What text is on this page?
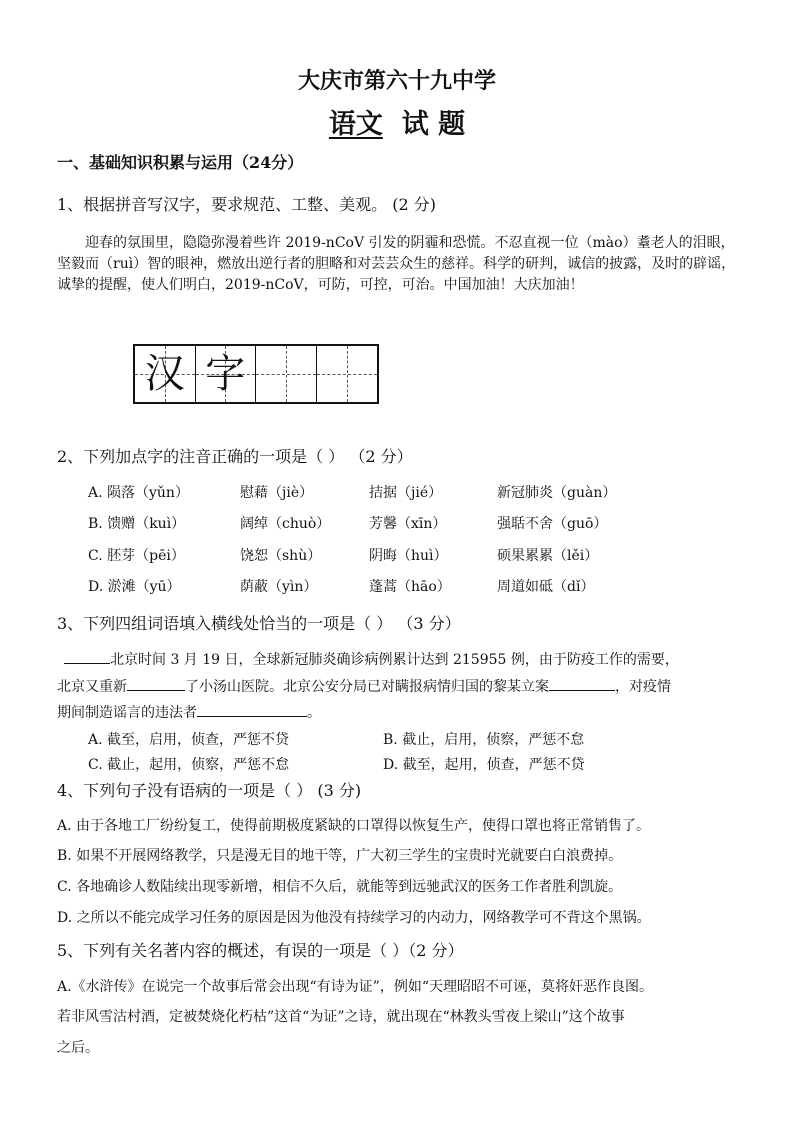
大庆市第六十九中学
语文 试 题
一、基础知识积累与运用（24分）
1、根据拼音写汉字，要求规范、工整、美观。 (2 分)
迎春的氛围里，隐隐弥漫着些许 2019-nCoV 引发的阴霾和恐慌。不忍直视一位（mào）耋老人的泪眼，坚毅而（ruì）智的眼神，燃放出逆行者的胆略和对芸芸众生的慈祥。科学的研判，诚信的披露，及时的辟谣，诚挚的提醒，使人们明白，2019-nCoV，可防，可控，可治。中国加油！大庆加油！
汉 字
2、下列加点字的注音正确的一项是（ ） （2 分）
A. 陨落（yǔn）	慰藉（jiè）	拮据（jié）	新冠肺炎（guàn）
B. 馈赠（kuì）	阔绰（chuò）	芳馨（xīn）	强聒不舍（guō）
C. 胚芽（pēi）	饶恕（shù）	阴晦（huì）	硕果累累（lěi）
D. 淤滩（yū）	荫蔽（yìn）	蓬蒿（hāo）	周道如砥（dǐ）
3、下列四组词语填入横线处恰当的一项是（ ） （3 分）
北京时间 3 月 19 日，全球新冠肺炎确诊病例累计达到 215955 例，由于防疫工作的需要，
北京又重新	了小汤山医院。北京公安分局已对瞒报病情归国的黎某立案	，对疫情
期间制造谣言的违法者	。
A. 截至，启用，侦查，严惩不贷	B. 截止，启用，侦察，严惩不怠
C. 截止，起用，侦察，严惩不怠	D. 截至，起用，侦查，严惩不贷
4、下列句子没有语病的一项是（ ） (3 分)
A. 由于各地工厂纷纷复工，使得前期极度紧缺的口罩得以恢复生产，使得口罩也将正常销售了。
B. 如果不开展网络教学，只是漫无目的地干等，广大初三学生的宝贵时光就要白白浪费掉。
C. 各地确诊人数陆续出现零新增，相信不久后，就能等到远驰武汉的医务工作者胜利凯旋。
D. 之所以不能完成学习任务的原因是因为他没有持续学习的内动力，网络教学可不背这个黑锅。
5、下列有关名著内容的概述，有误的一项是（ ）（2 分）
A.《水浒传》在说完一个故事后常会出现“有诗为证”，例如“天理昭昭不可诬，莫将奸恶作良图。
若非风雪沽村酒，定被焚烧化朽枯”这首“为证”之诗，就出现在“林教头雪夜上梁山”这个故事
之后。
